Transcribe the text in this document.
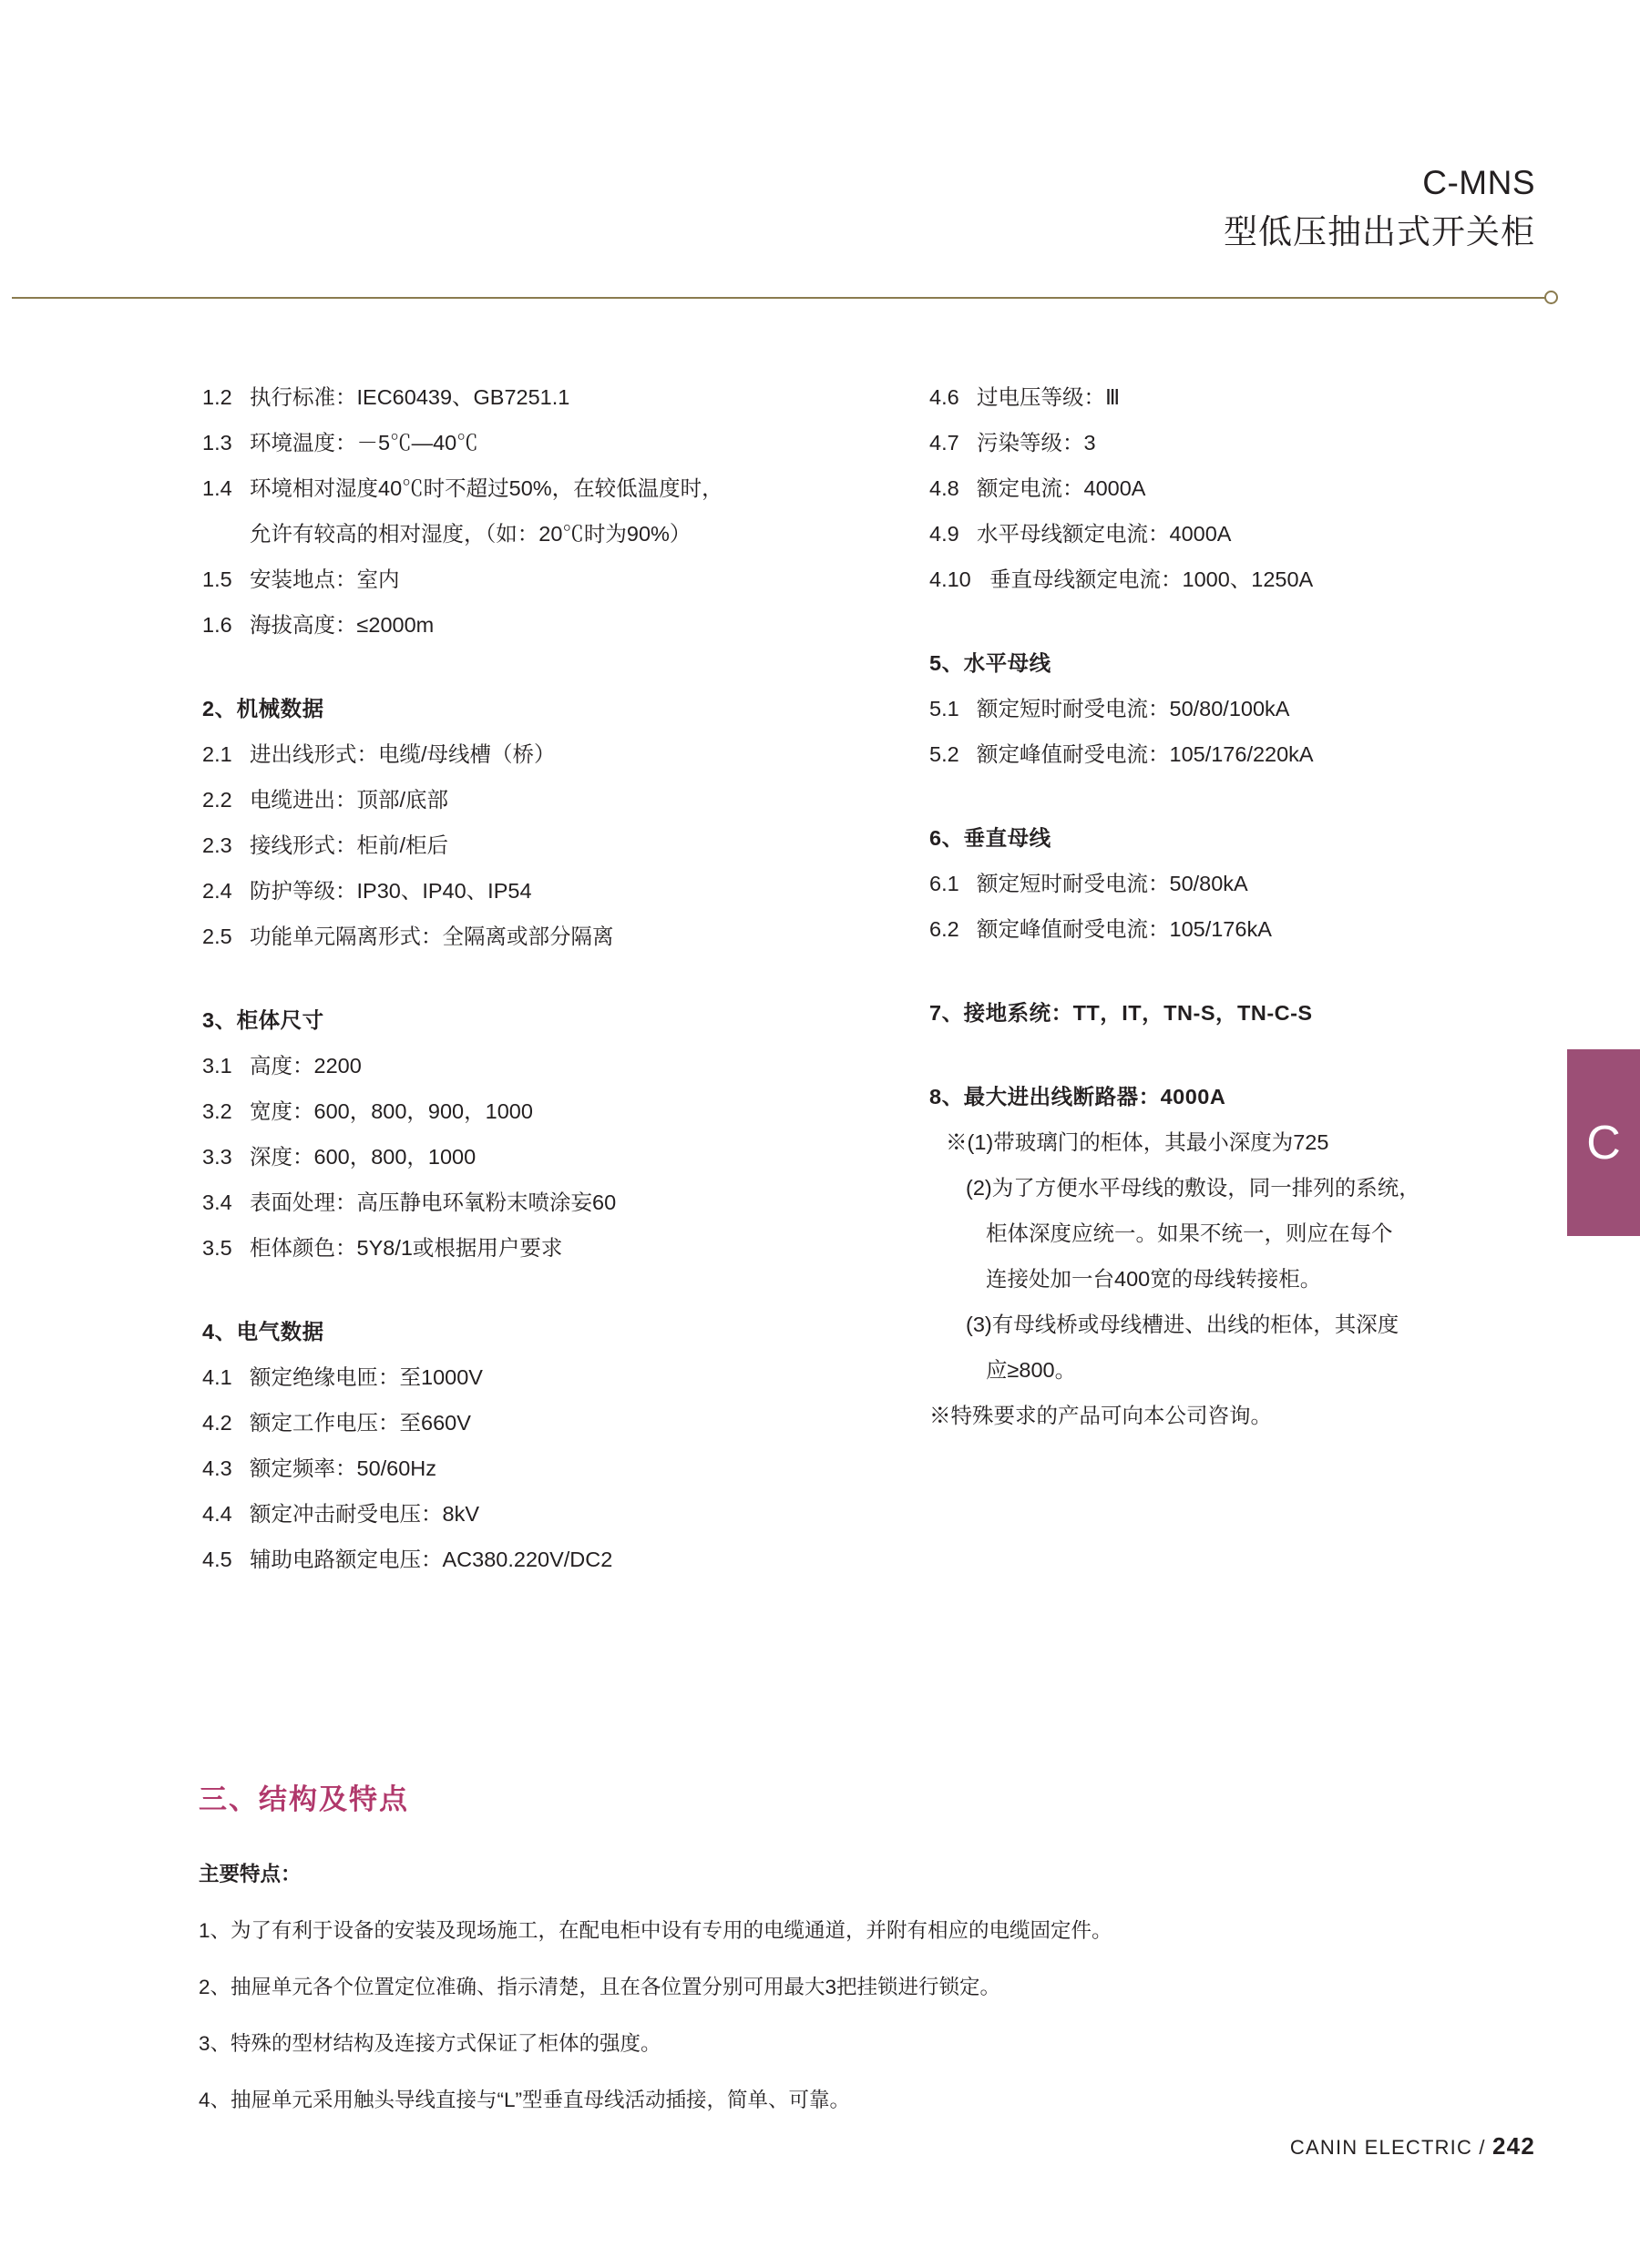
C-MNS
型低压抽出式开关柜
C
1.2 执行标准：IEC60439、GB7251.1
1.3 环境温度：－5℃—40℃
1.4 环境相对湿度40℃时不超过50%，在较低温度时，
允许有较高的相对湿度，（如：20℃时为90%）
1.5 安装地点：室内
1.6 海拔高度：≤2000m
2、机械数据
2.1 进出线形式：电缆/母线槽（桥）
2.2 电缆进出：顶部/底部
2.3 接线形式：柜前/柜后
2.4 防护等级：IP30、IP40、IP54
2.5 功能单元隔离形式：全隔离或部分隔离
3、柜体尺寸
3.1 高度：2200
3.2 宽度：600，800，900，1000
3.3 深度：600，800，1000
3.4 表面处理：高压静电环氧粉末喷涂妄60
3.5 柜体颜色：5Y8/1或根据用户要求
4、电气数据
4.1 额定绝缘电匝：至1000V
4.2 额定工作电压：至660V
4.3 额定频率：50/60Hz
4.4 额定冲击耐受电压：8kV
4.5 辅助电路额定电压：AC380.220V/DC2
4.6 过电压等级：Ⅲ
4.7 污染等级：3
4.8 额定电流：4000A
4.9 水平母线额定电流：4000A
4.10 垂直母线额定电流：1000、1250A
5、水平母线
5.1 额定短时耐受电流：50/80/100kA
5.2 额定峰值耐受电流：105/176/220kA
6、垂直母线
6.1 额定短时耐受电流：50/80kA
6.2 额定峰值耐受电流：105/176kA
7、接地系统：TT，IT，TN-S，TN-C-S
8、最大进出线断路器：4000A
※(1)带玻璃门的柜体，其最小深度为725
(2)为了方便水平母线的敷设，同一排列的系统，
柜体深度应统一。如果不统一，则应在每个
连接处加一台400宽的母线转接柜。
(3)有母线桥或母线槽进、出线的柜体，其深度
应≥800。
※特殊要求的产品可向本公司咨询。
三、结构及特点
主要特点：
1、为了有利于设备的安装及现场施工，在配电柜中设有专用的电缆通道，并附有相应的电缆固定件。
2、抽屉单元各个位置定位准确、指示清楚，且在各位置分别可用最大3把挂锁进行锁定。
3、特殊的型材结构及连接方式保证了柜体的强度。
4、抽屉单元采用触头导线直接与“L”型垂直母线活动插接，简单、可靠。
CANIN ELECTRIC / 242
